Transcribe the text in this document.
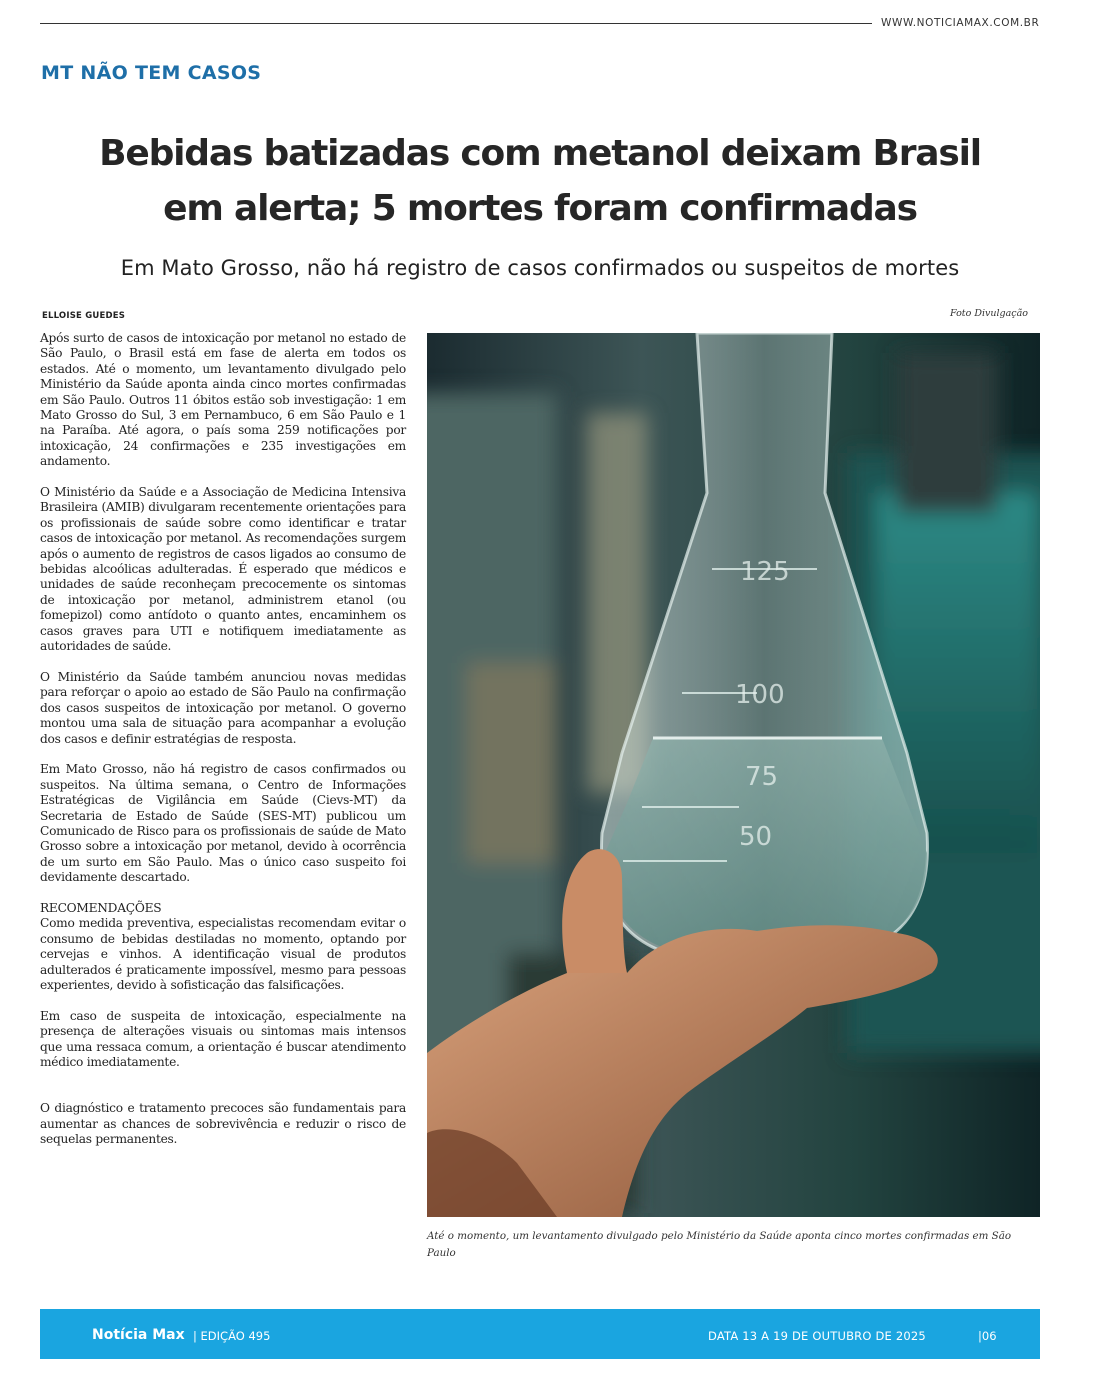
WWW.NOTICIAMAX.COM.BR
MT NÃO TEM CASOS
Bebidas batizadas com metanol deixam Brasil
em alerta; 5 mortes foram confirmadas
Em Mato Grosso, não há registro de casos confirmados ou suspeitos de mortes
ELLOISE GUEDES	Foto Divulgação

Após surto de casos de intoxicação por metanol no estado de São Paulo, o Brasil está em fase de alerta em todos os estados. Até o momento, um levantamento divulgado pelo Ministério da Saúde aponta ainda cinco mortes confirmadas em São Paulo. Outros 11 óbitos estão sob investigação: 1 em Mato Grosso do Sul, 3 em Pernambuco, 6 em São Paulo e 1 na Paraíba. Até agora, o país soma 259 notificações por intoxicação, 24 confirmações e 235 investigações em andamento.

O Ministério da Saúde e a Associação de Medicina Intensiva Brasileira (AMIB) divulgaram recentemente orientações para os profissionais de saúde sobre como identificar e tratar casos de intoxicação por metanol. As recomendações surgem após o aumento de registros de casos ligados ao consumo de bebidas alcoólicas adulteradas. É esperado que médicos e unidades de saúde reconheçam precocemente os sintomas de intoxicação por metanol, administrem etanol (ou fomepizol) como antídoto o quanto antes, encaminhem os casos graves para UTI e notifiquem imediatamente as autoridades de saúde.

O Ministério da Saúde também anunciou novas medidas para reforçar o apoio ao estado de São Paulo na confirmação dos casos suspeitos de intoxicação por metanol. O governo montou uma sala de situação para acompanhar a evolução dos casos e definir estratégias de resposta.

Em Mato Grosso, não há registro de casos confirmados ou suspeitos. Na última semana, o Centro de Informações Estratégicas de Vigilância em Saúde (Cievs-MT) da Secretaria de Estado de Saúde (SES-MT) publicou um Comunicado de Risco para os profissionais de saúde de Mato Grosso sobre a intoxicação por metanol, devido à ocorrência de um surto em São Paulo. Mas o único caso suspeito foi devidamente descartado.

RECOMENDAÇÕES

Como medida preventiva, especialistas recomendam evitar o consumo de bebidas destiladas no momento, optando por cervejas e vinhos. A identificação visual de produtos adulterados é praticamente impossível, mesmo para pessoas experientes, devido à sofisticação das falsificações.

Em caso de suspeita de intoxicação, especialmente na presença de alterações visuais ou sintomas mais intensos que uma ressaca comum, a orientação é buscar atendimento médico imediatamente.

O diagnóstico e tratamento precoces são fundamentais para aumentar as chances de sobrevivência e reduzir o risco de sequelas permanentes.

125
100
75
50
Até o momento, um levantamento divulgado pelo Ministério da Saúde aponta cinco mortes confirmadas em São Paulo
Notícia Max | EDIÇÃO 495	DATA 13 A 19 DE OUTUBRO DE 2025	|06
